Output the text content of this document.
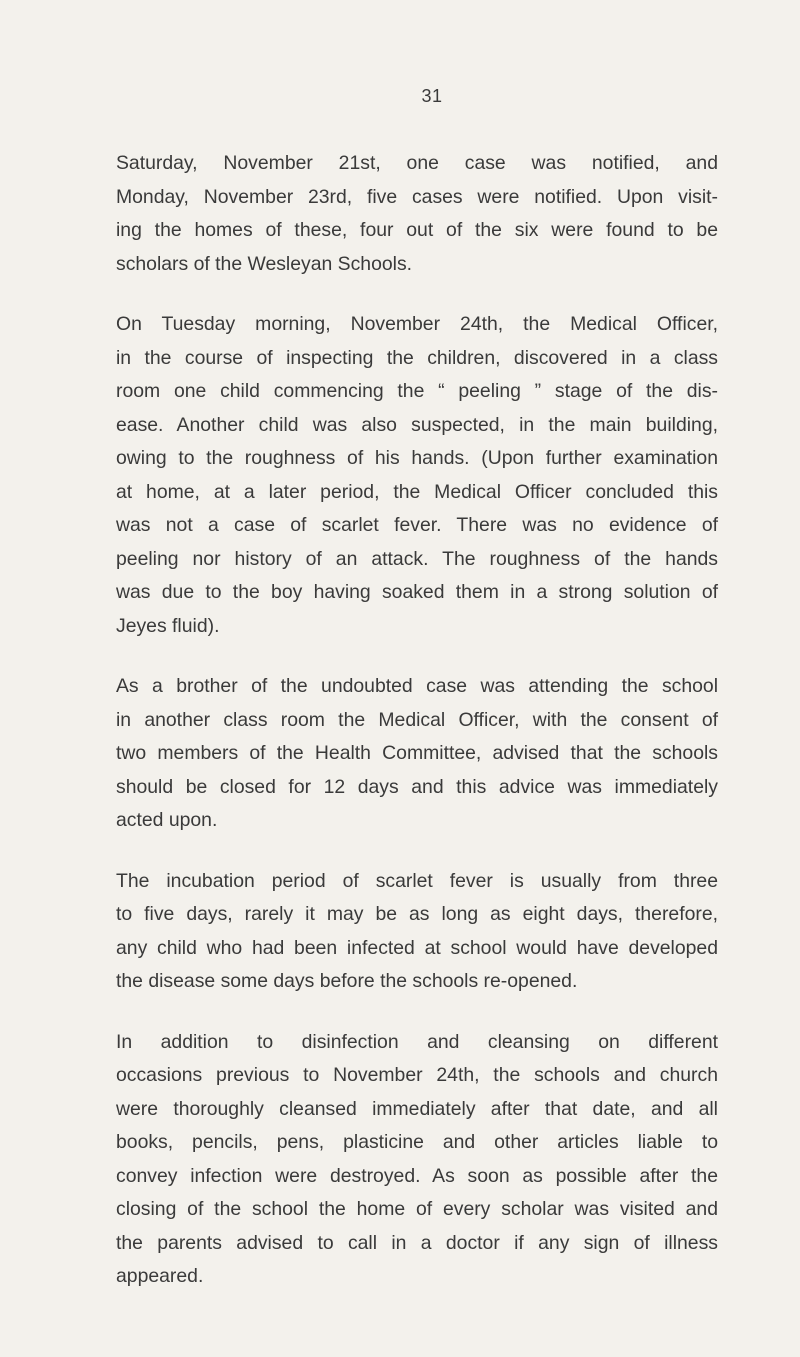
31

Saturday, November 21st, one case was notified, and
Monday, November 23rd, five cases were notified. Upon visit-
ing the homes of these, four out of the six were found to be
scholars of the Wesleyan Schools.

On Tuesday morning, November 24th, the Medical Officer,
in the course of inspecting the children, discovered in a class
room one child commencing the “ peeling ” stage of the dis-
ease. Another child was also suspected, in the main building,
owing to the roughness of his hands. (Upon further examination
at home, at a later period, the Medical Officer concluded this
was not a case of scarlet fever. There was no evidence of
peeling nor history of an attack. The roughness of the hands
was due to the boy having soaked them in a strong solution of
Jeyes fluid).

As a brother of the undoubted case was attending the school
in another class room the Medical Officer, with the consent of
two members of the Health Committee, advised that the schools
should be closed for 12 days and this advice was immediately
acted upon.

The incubation period of scarlet fever is usually from three
to five days, rarely it may be as long as eight days, therefore,
any child who had been infected at school would have developed
the disease some days before the schools re-opened.

In addition to disinfection and cleansing on different
occasions previous to November 24th, the schools and church
were thoroughly cleansed immediately after that date, and all
books, pencils, pens, plasticine and other articles liable to
convey infection were destroyed. As soon as possible after the
closing of the school the home of every scholar was visited and
the parents advised to call in a doctor if any sign of illness
appeared.
